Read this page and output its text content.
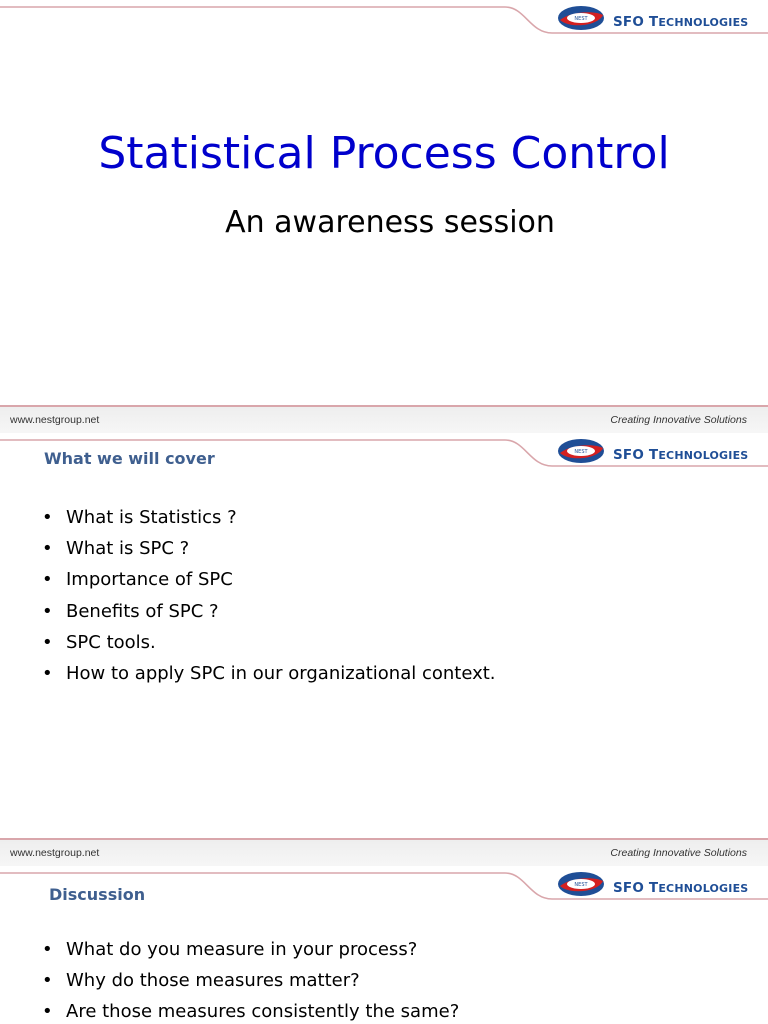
NEST SFO TECHNOLOGIES
Statistical Process Control
An awareness session
www.nestgroup.net	Creating Innovative Solutions
NEST SFO TECHNOLOGIES
What we will cover
• What is Statistics ?
• What is SPC ?
• Importance of SPC
• Benefits of SPC ?
• SPC tools.
• How to apply SPC in our organizational context.
www.nestgroup.net	Creating Innovative Solutions
NEST SFO TECHNOLOGIES
Discussion
• What do you measure in your process?
• Why do those measures matter?
• Are those measures consistently the same?
